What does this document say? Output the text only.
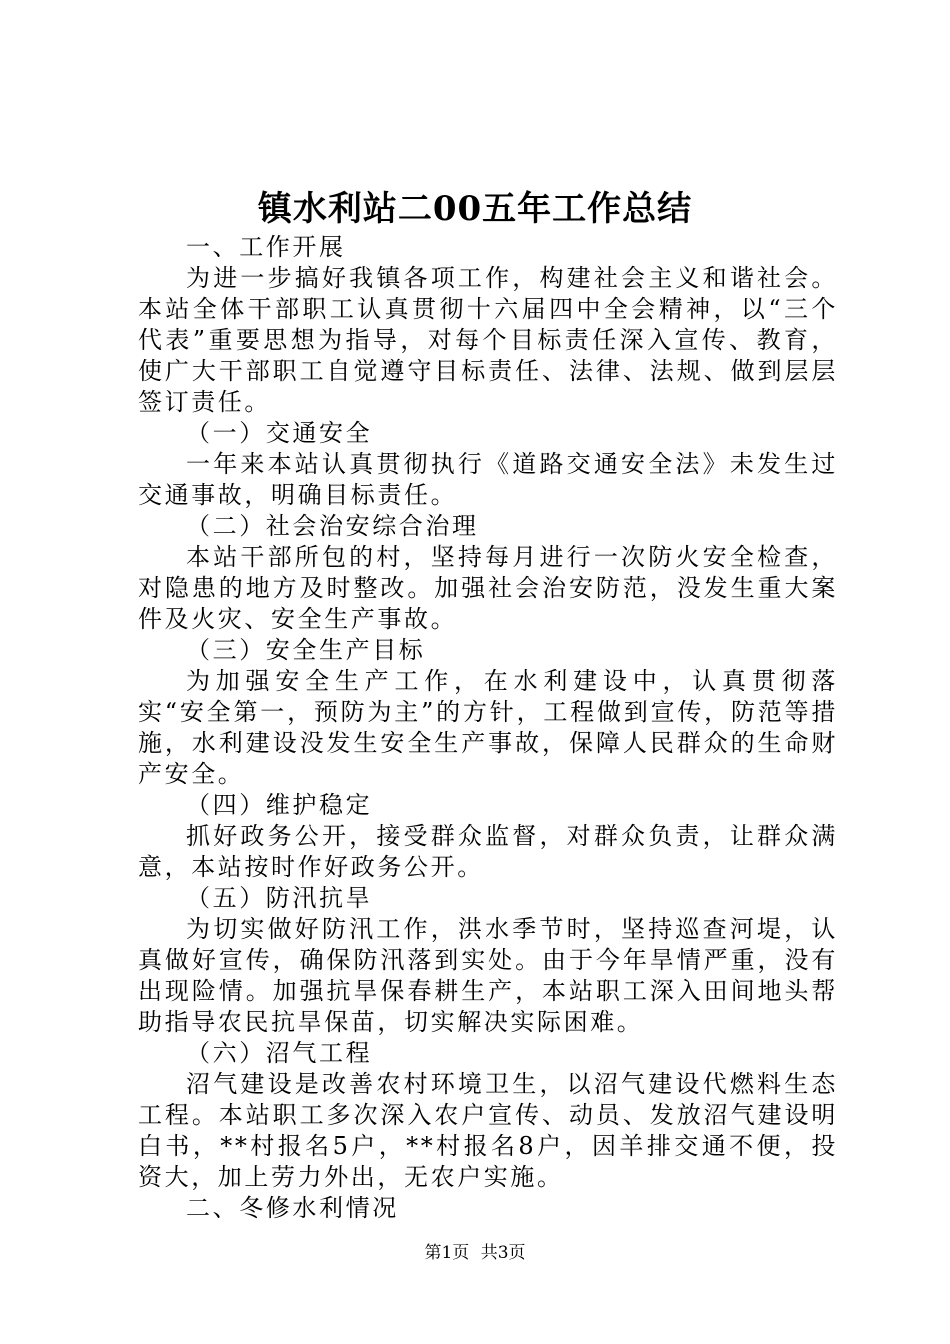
镇水利站二00五年工作总结

一、工作开展

为进一步搞好我镇各项工作，构建社会主义和谐社会。本站全体干部职工认真贯彻十六届四中全会精神，以“三个代表”重要思想为指导，对每个目标责任深入宣传、教育，使广大干部职工自觉遵守目标责任、法律、法规、做到层层签订责任。

（一）交通安全

一年来本站认真贯彻执行《道路交通安全法》未发生过交通事故，明确目标责任。

（二）社会治安综合治理

本站干部所包的村，坚持每月进行一次防火安全检查，对隐患的地方及时整改。加强社会治安防范，没发生重大案件及火灾、安全生产事故。

（三）安全生产目标

为加强安全生产工作，在水利建设中，认真贯彻落实“安全第一，预防为主”的方针，工程做到宣传，防范等措施，水利建设没发生安全生产事故，保障人民群众的生命财产安全。

（四）维护稳定

抓好政务公开，接受群众监督，对群众负责，让群众满意，本站按时作好政务公开。

（五）防汛抗旱

为切实做好防汛工作，洪水季节时，坚持巡查河堤，认真做好宣传，确保防汛落到实处。由于今年旱情严重，没有出现险情。加强抗旱保春耕生产，本站职工深入田间地头帮助指导农民抗旱保苗，切实解决实际困难。

（六）沼气工程

沼气建设是改善农村环境卫生，以沼气建设代燃料生态工程。本站职工多次深入农户宣传、动员、发放沼气建设明白书，**村报名5户，**村报名8户，因羊排交通不便，投资大，加上劳力外出，无农户实施。

二、冬修水利情况

第1页 共3页
